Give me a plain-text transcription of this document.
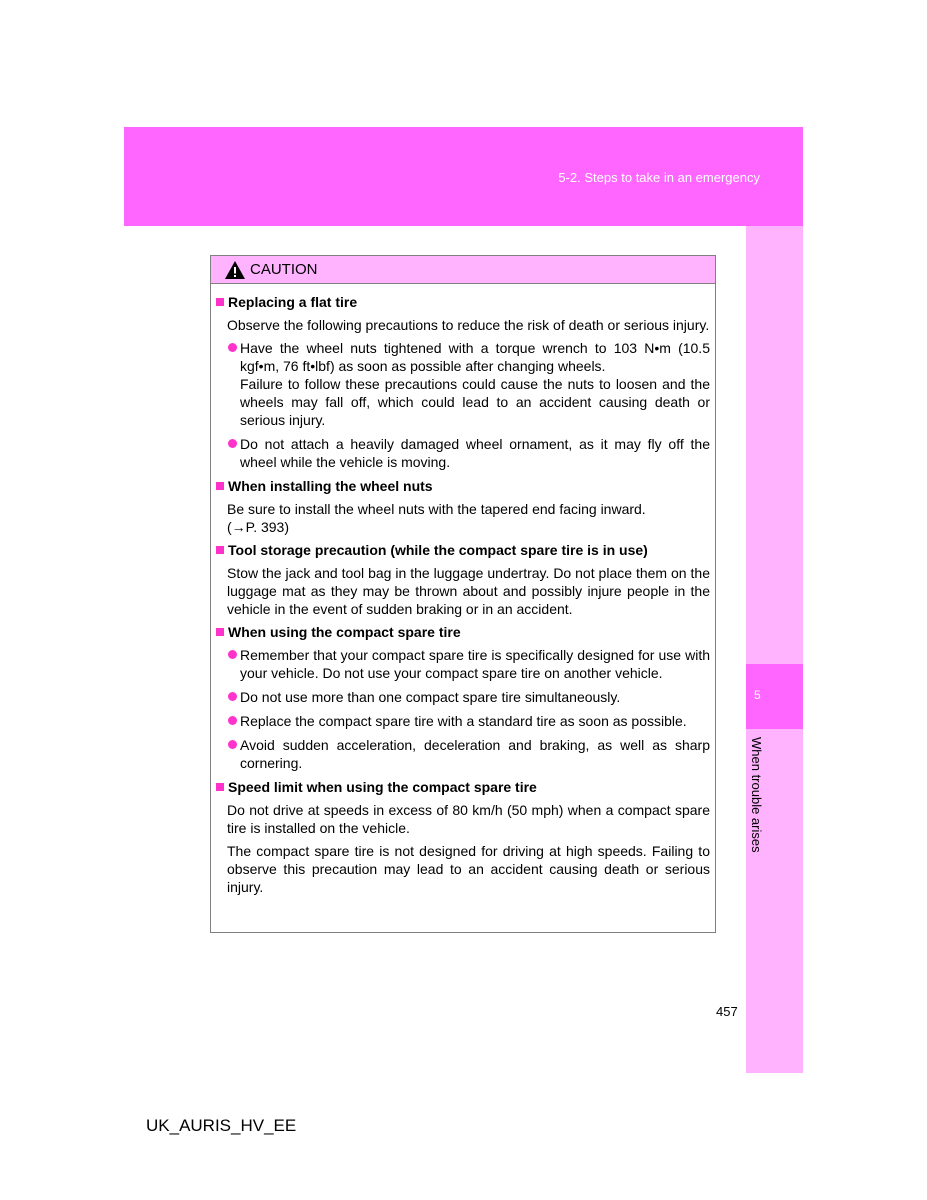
5-2. Steps to take in an emergency
5
When trouble arises
CAUTION
Replacing a flat tire

Observe the following precautions to reduce the risk of death or serious injury.

Have the wheel nuts tightened with a torque wrench to 103 N•m (10.5 kgf•m, 76 ft•lbf) as soon as possible after changing wheels.

Failure to follow these precautions could cause the nuts to loosen and the wheels may fall off, which could lead to an accident causing death or serious injury.

Do not attach a heavily damaged wheel ornament, as it may fly off the wheel while the vehicle is moving.

When installing the wheel nuts

Be sure to install the wheel nuts with the tapered end facing inward.

(→P. 393)

Tool storage precaution (while the compact spare tire is in use)

Stow the jack and tool bag in the luggage undertray. Do not place them on the luggage mat as they may be thrown about and possibly injure people in the vehicle in the event of sudden braking or in an accident.

When using the compact spare tire

Remember that your compact spare tire is specifically designed for use with your vehicle. Do not use your compact spare tire on another vehicle.

Do not use more than one compact spare tire simultaneously.

Replace the compact spare tire with a standard tire as soon as possible.

Avoid sudden acceleration, deceleration and braking, as well as sharp cornering.

Speed limit when using the compact spare tire

Do not drive at speeds in excess of 80 km/h (50 mph) when a compact spare tire is installed on the vehicle.

The compact spare tire is not designed for driving at high speeds. Failing to observe this precaution may lead to an accident causing death or serious injury.

457
UK_AURIS_HV_EE
